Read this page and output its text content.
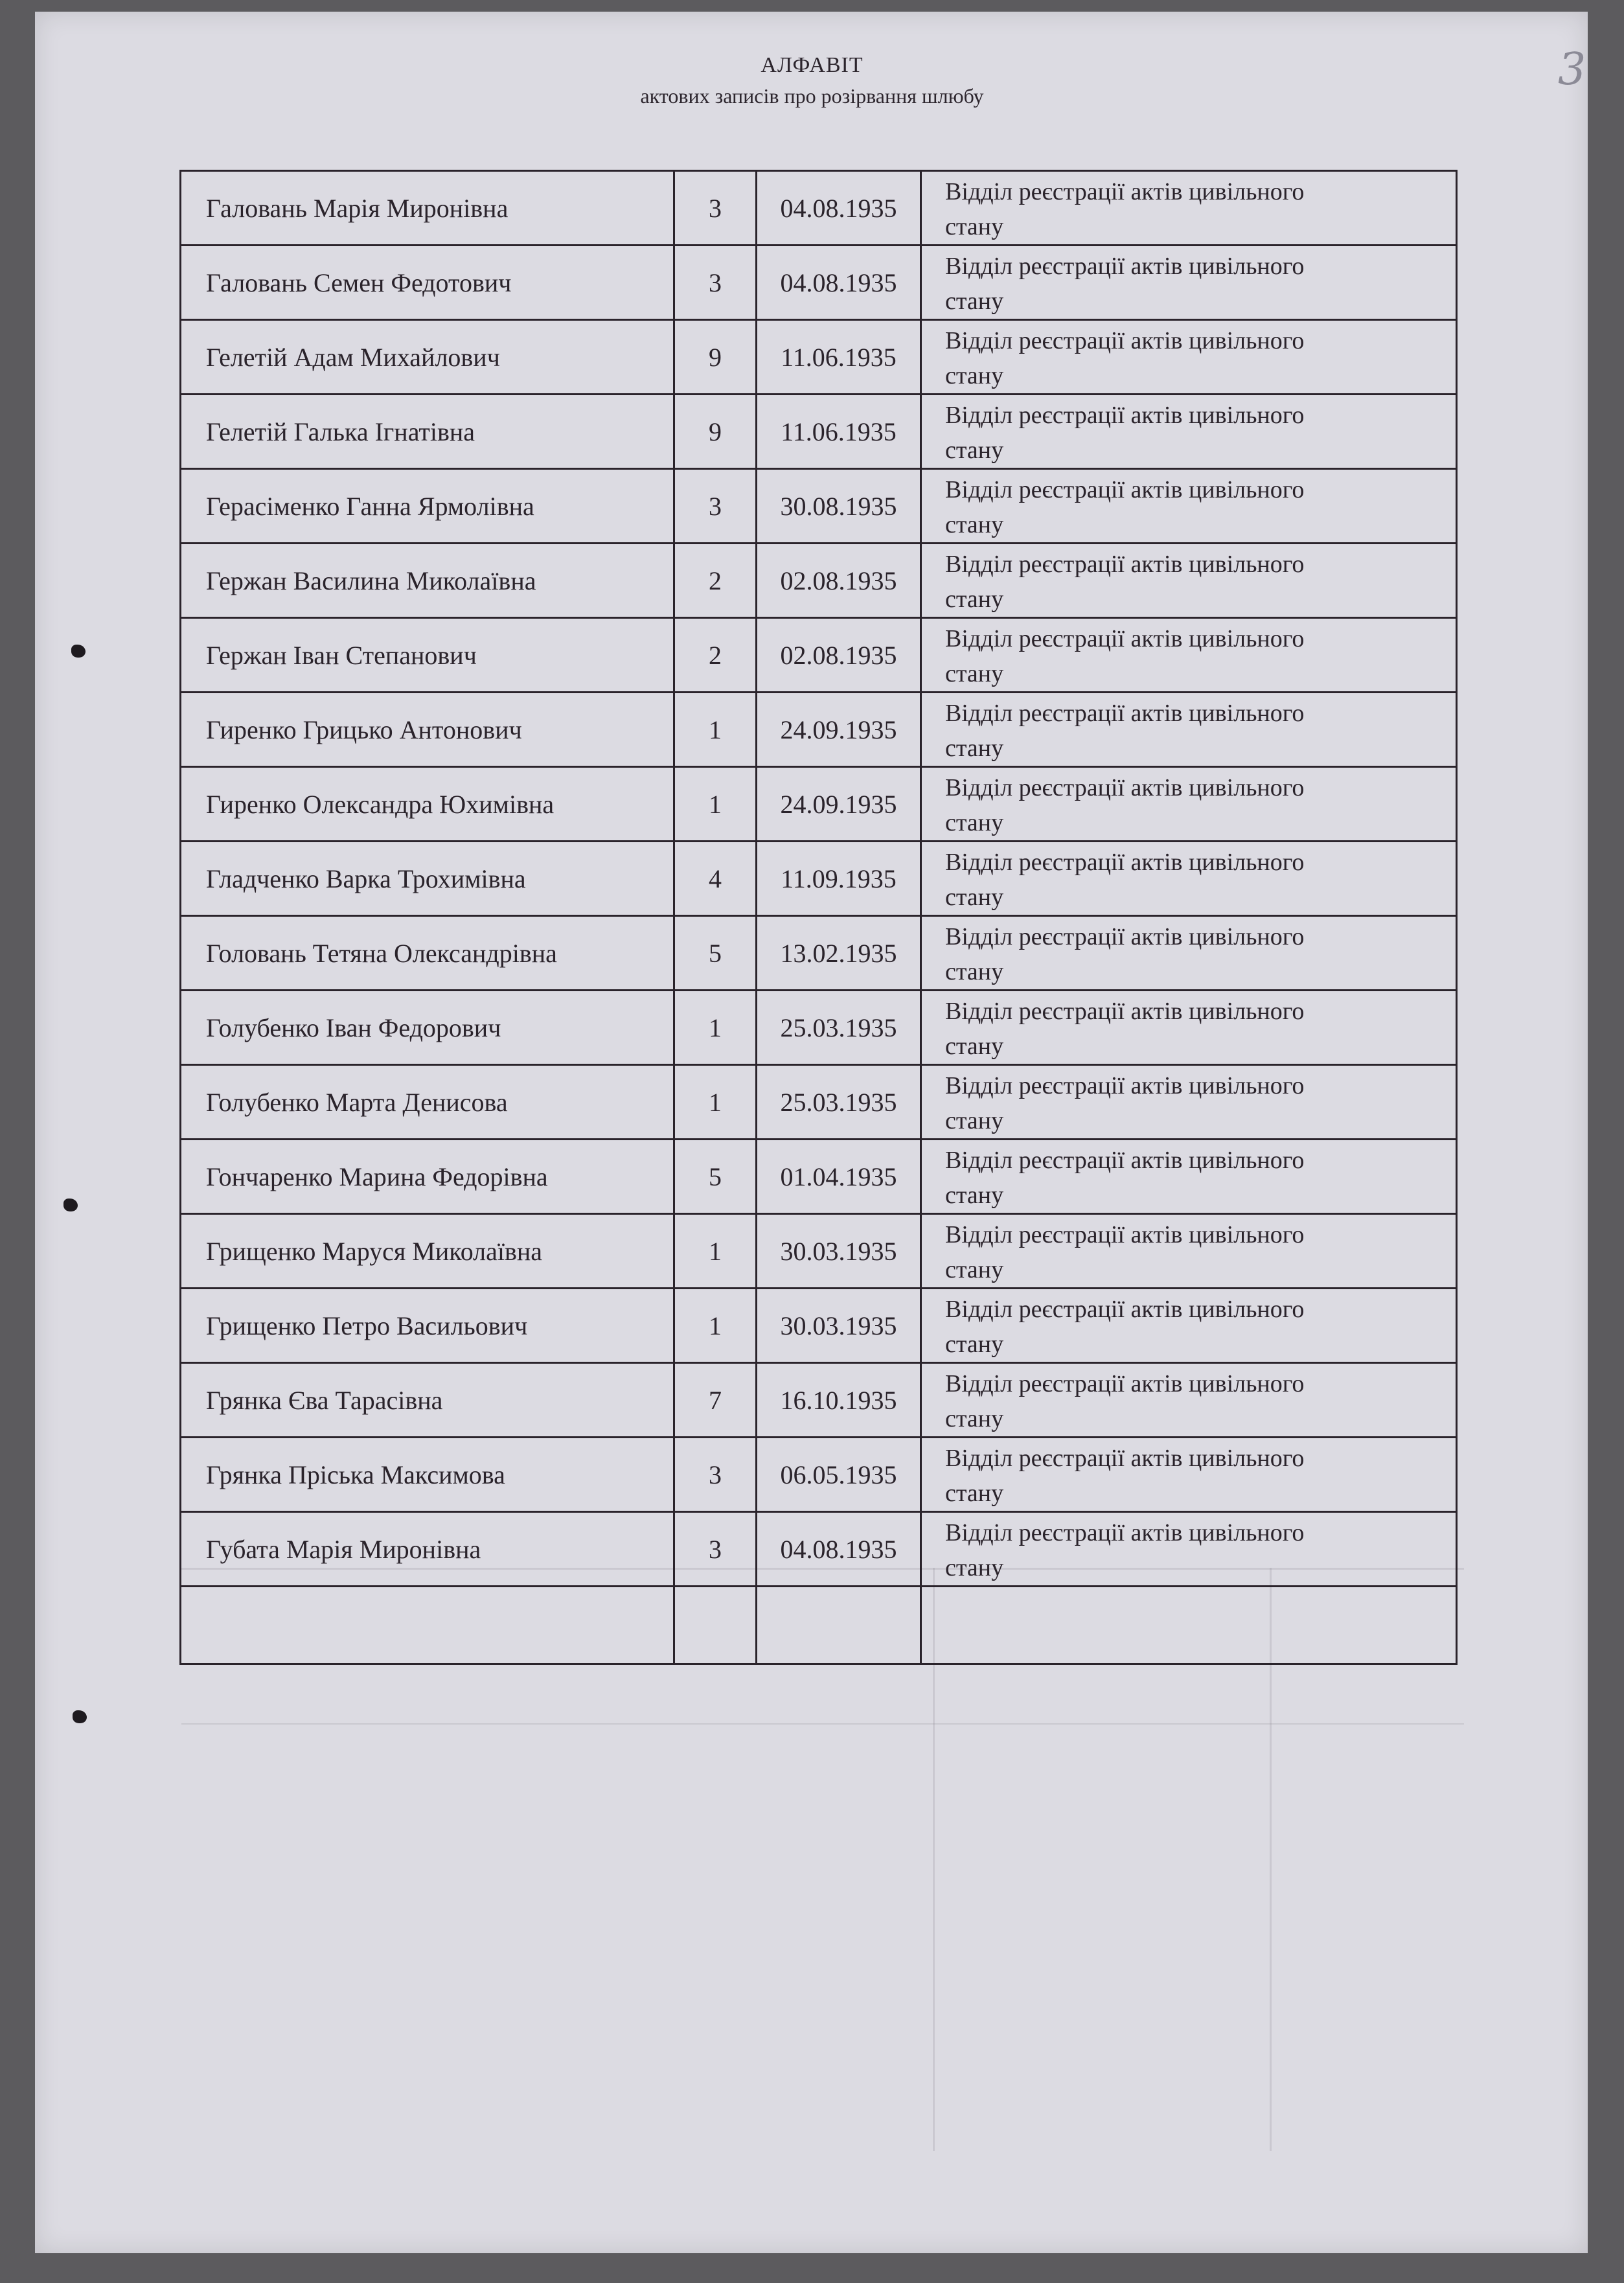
3
АЛФАВІТ
актових записів про розірвання шлюбу
Галовань Марія Миронівна	3	04.08.1935	Відділ реєстрації актів цивільного
стану

Галовань Семен Федотович	3	04.08.1935	Відділ реєстрації актів цивільного
стану

Гелетій Адам Михайлович	9	11.06.1935	Відділ реєстрації актів цивільного
стану

Гелетій Галька Ігнатівна	9	11.06.1935	Відділ реєстрації актів цивільного
стану

Герасіменко Ганна Ярмолівна	3	30.08.1935	Відділ реєстрації актів цивільного
стану

Гержан Василина Миколаївна	2	02.08.1935	Відділ реєстрації актів цивільного
стану

Гержан Іван Степанович	2	02.08.1935	Відділ реєстрації актів цивільного
стану

Гиренко Грицько Антонович	1	24.09.1935	Відділ реєстрації актів цивільного
стану

Гиренко Олександра Юхимівна	1	24.09.1935	Відділ реєстрації актів цивільного
стану

Гладченко Варка Трохимівна	4	11.09.1935	Відділ реєстрації актів цивільного
стану

Головань Тетяна Олександрівна	5	13.02.1935	Відділ реєстрації актів цивільного
стану

Голубенко Іван Федорович	1	25.03.1935	Відділ реєстрації актів цивільного
стану

Голубенко Марта Денисова	1	25.03.1935	Відділ реєстрації актів цивільного
стану

Гончаренко Марина Федорівна	5	01.04.1935	Відділ реєстрації актів цивільного
стану

Грищенко Маруся Миколаївна	1	30.03.1935	Відділ реєстрації актів цивільного
стану

Грищенко Петро Васильович	1	30.03.1935	Відділ реєстрації актів цивільного
стану

Грянка Єва Тарасівна	7	16.10.1935	Відділ реєстрації актів цивільного
стану

Грянка Пріська Максимова	3	06.05.1935	Відділ реєстрації актів цивільного
стану

Губата Марія Миронівна	3	04.08.1935	Відділ реєстрації актів цивільного
стану
